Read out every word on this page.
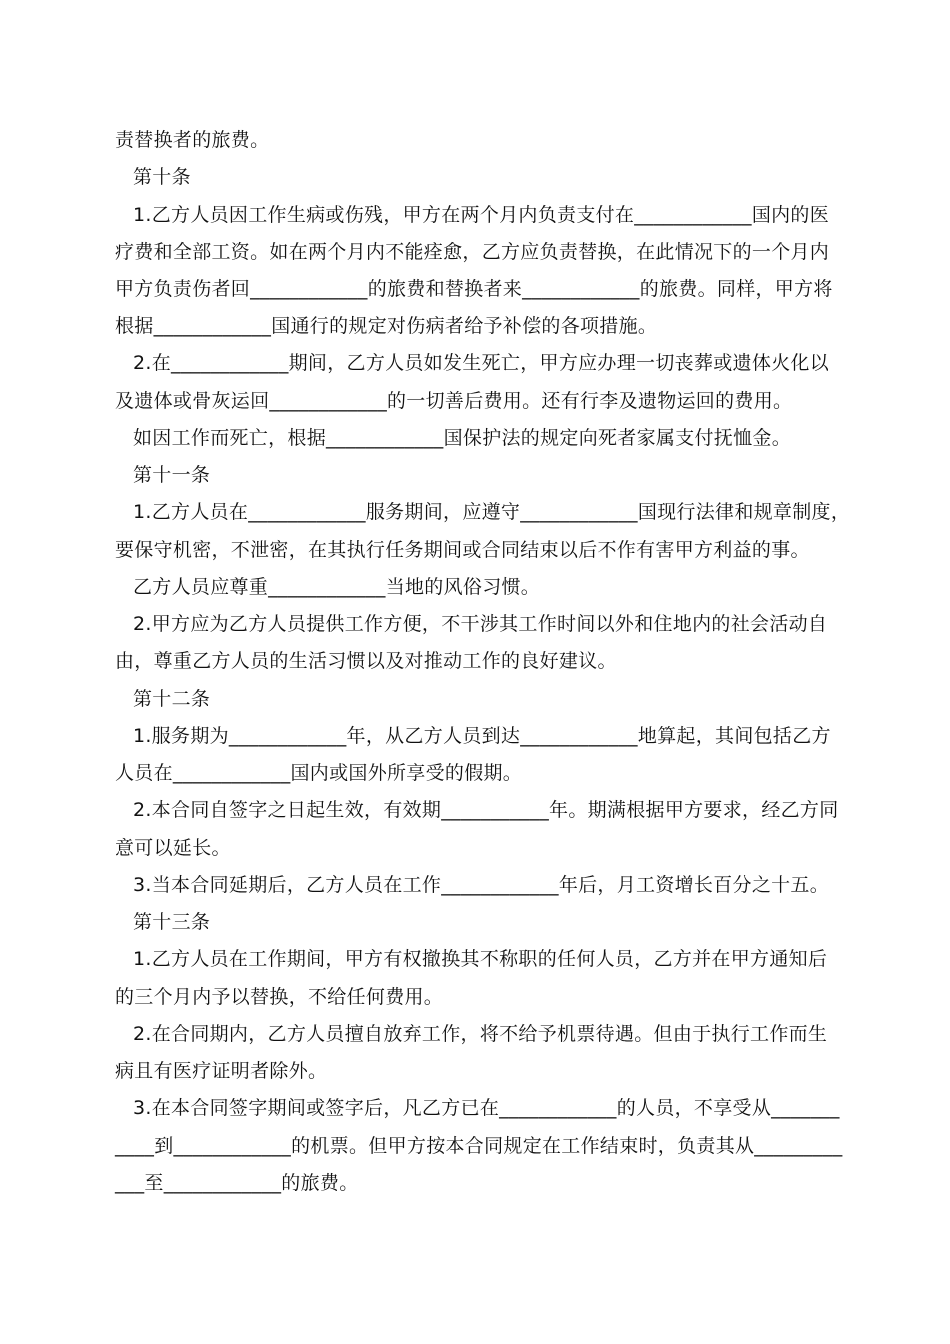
责替换者的旅费。
第十条
1.乙方人员因工作生病或伤残，甲方在两个月内负责支付在____________国内的医
疗费和全部工资。如在两个月内不能痊愈，乙方应负责替换，在此情况下的一个月内
甲方负责伤者回____________的旅费和替换者来____________的旅费。同样，甲方将
根据____________国通行的规定对伤病者给予补偿的各项措施。
2.在____________期间，乙方人员如发生死亡，甲方应办理一切丧葬或遗体火化以
及遗体或骨灰运回____________的一切善后费用。还有行李及遗物运回的费用。
如因工作而死亡，根据____________国保护法的规定向死者家属支付抚恤金。
第十一条
1.乙方人员在____________服务期间，应遵守____________国现行法律和规章制度，
要保守机密，不泄密，在其执行任务期间或合同结束以后不作有害甲方利益的事。
乙方人员应尊重____________当地的风俗习惯。
2.甲方应为乙方人员提供工作方便，不干涉其工作时间以外和住地内的社会活动自
由，尊重乙方人员的生活习惯以及对推动工作的良好建议。
第十二条
1.服务期为____________年，从乙方人员到达____________地算起，其间包括乙方
人员在____________国内或国外所享受的假期。
2.本合同自签字之日起生效，有效期___________年。期满根据甲方要求，经乙方同
意可以延长。
3.当本合同延期后，乙方人员在工作____________年后，月工资增长百分之十五。
第十三条
1.乙方人员在工作期间，甲方有权撤换其不称职的任何人员，乙方并在甲方通知后
的三个月内予以替换，不给任何费用。
2.在合同期内，乙方人员擅自放弃工作，将不给予机票待遇。但由于执行工作而生
病且有医疗证明者除外。
3.在本合同签字期间或签字后，凡乙方已在____________的人员，不享受从_______
____到____________的机票。但甲方按本合同规定在工作结束时，负责其从_________
___至____________的旅费。
